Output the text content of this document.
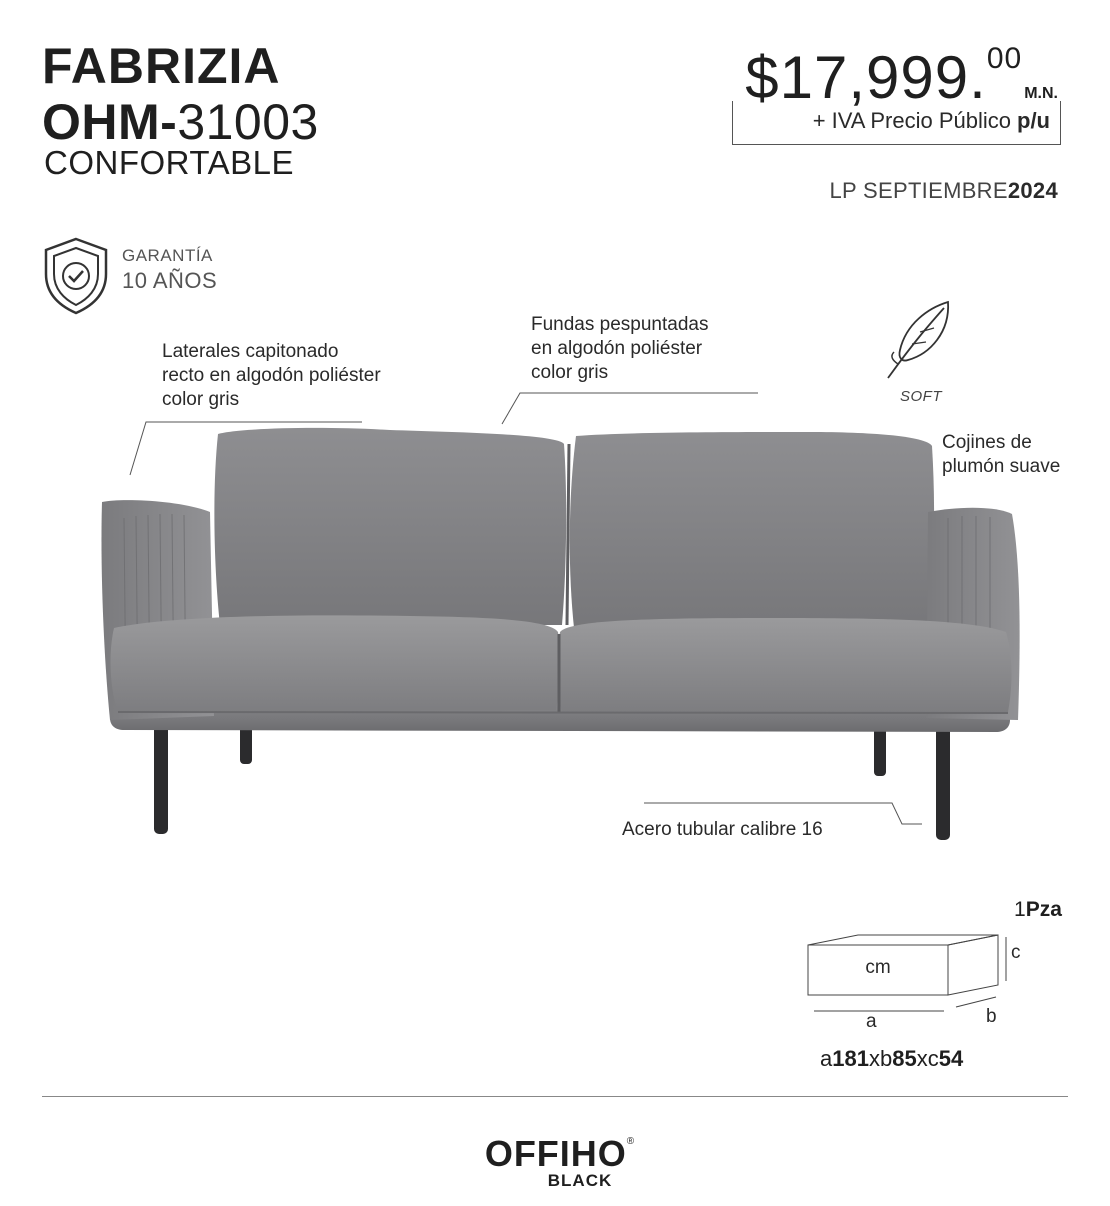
FABRIZIA
OHM-31003
CONFORTABLE
$17,999.00M.N.
+ IVA Precio Público p/u
LP SEPTIEMBRE2024
GARANTÍA
10 AÑOS
Laterales capitonado
recto en algodón poliéster
color gris
Fundas pespuntadas
en algodón poliéster
color gris
Cojines de
plumón suave
Acero tubular calibre 16
SOFT
1Pza
cm
a	b
c
a181xb85xc54
OFFIHO®
BLACK
